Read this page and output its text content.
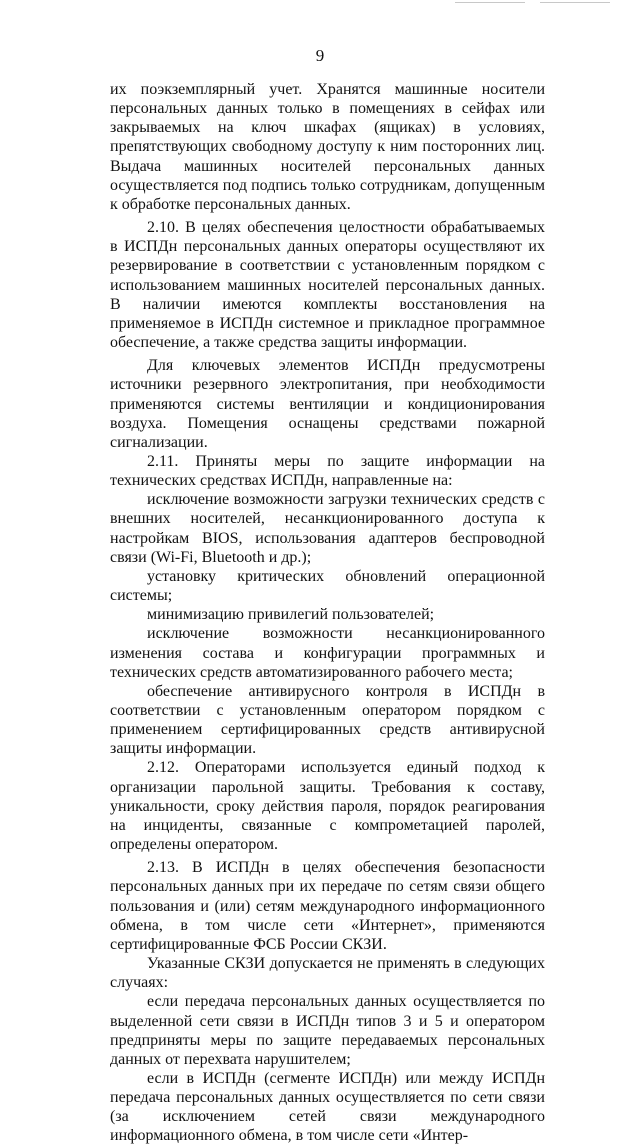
9

их поэкземплярный учет. Хранятся машинные носители персональных данных только в помещениях в сейфах или закрываемых на ключ шкафах (ящиках) в условиях, препятствующих свободному доступу к ним посторонних лиц. Выдача машинных носителей персональных данных осуществляется под подпись только сотрудникам, допущенным к обработке персональных данных.

2.10. В целях обеспечения целостности обрабатываемых в ИСПДн персональных данных операторы осуществляют их резервирование в соответствии с установленным порядком с использованием машинных носителей персональных данных. В наличии имеются комплекты восстановления на применяемое в ИСПДн системное и прикладное программное обеспечение, а также средства защиты информации.

Для ключевых элементов ИСПДн предусмотрены источники резервного электропитания, при необходимости применяются системы вентиляции и кондиционирования воздуха. Помещения оснащены средствами пожарной сигнализации.

2.11. Приняты меры по защите информации на технических средствах ИСПДн, направленные на:

исключение возможности загрузки технических средств с внешних носителей, несанкционированного доступа к настройкам BIOS, использования адаптеров беспроводной связи (Wi-Fi, Bluetooth и др.);

установку критических обновлений операционной системы;

минимизацию привилегий пользователей;

исключение возможности несанкционированного изменения состава и конфигурации программных и технических средств автоматизированного рабочего места;

обеспечение антивирусного контроля в ИСПДн в соответствии с установленным оператором порядком с применением сертифицированных средств антивирусной защиты информации.

2.12. Операторами используется единый подход к организации парольной защиты. Требования к составу, уникальности, сроку действия пароля, порядок реагирования на инциденты, связанные с компрометацией паролей, определены оператором.

2.13. В ИСПДн в целях обеспечения безопасности персональных данных при их передаче по сетям связи общего пользования и (или) сетям международного информационного обмена, в том числе сети «Интернет», применяются сертифицированные ФСБ России СКЗИ.

Указанные СКЗИ допускается не применять в следующих случаях:

если передача персональных данных осуществляется по выделенной сети связи в ИСПДн типов 3 и 5 и оператором предприняты меры по защите передаваемых персональных данных от перехвата нарушителем;

если в ИСПДн (сегменте ИСПДн) или между ИСПДн передача персональных данных осуществляется по сети связи (за исключением сетей связи международного информационного обмена, в том числе сети «Интер-
